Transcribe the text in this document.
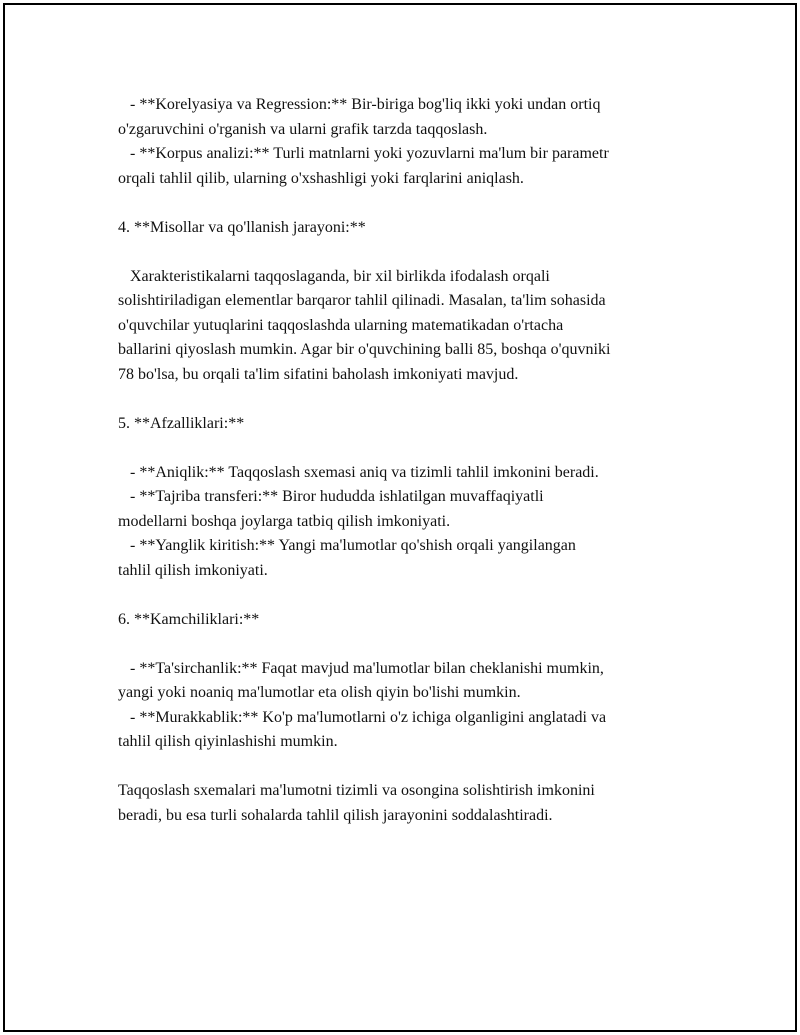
- **Korelyasiya va Regression:** Bir-biriga bog'liq ikki yoki undan ortiq
o'zgaruvchini o'rganish va ularni grafik tarzda taqqoslash.
- **Korpus analizi:** Turli matnlarni yoki yozuvlarni ma'lum bir parametr
orqali tahlil qilib, ularning o'xshashligi yoki farqlarini aniqlash.
4. **Misollar va qo'llanish jarayoni:**
Xarakteristikalarni taqqoslaganda, bir xil birlikda ifodalash orqali
solishtiriladigan elementlar barqaror tahlil qilinadi. Masalan, ta'lim sohasida
o'quvchilar yutuqlarini taqqoslashda ularning matematikadan o'rtacha
ballarini qiyoslash mumkin. Agar bir o'quvchining balli 85, boshqa o'quvniki
78 bo'lsa, bu orqali ta'lim sifatini baholash imkoniyati mavjud.
5. **Afzalliklari:**
- **Aniqlik:** Taqqoslash sxemasi aniq va tizimli tahlil imkonini beradi.
- **Tajriba transferi:** Biror hududda ishlatilgan muvaffaqiyatli
modellarni boshqa joylarga tatbiq qilish imkoniyati.
- **Yanglik kiritish:** Yangi ma'lumotlar qo'shish orqali yangilangan
tahlil qilish imkoniyati.
6. **Kamchiliklari:**
- **Ta'sirchanlik:** Faqat mavjud ma'lumotlar bilan cheklanishi mumkin,
yangi yoki noaniq ma'lumotlar eta olish qiyin bo'lishi mumkin.
- **Murakkablik:** Ko'p ma'lumotlarni o'z ichiga olganligini anglatadi va
tahlil qilish qiyinlashishi mumkin.
Taqqoslash sxemalari ma'lumotni tizimli va osongina solishtirish imkonini
beradi, bu esa turli sohalarda tahlil qilish jarayonini soddalashtiradi.
